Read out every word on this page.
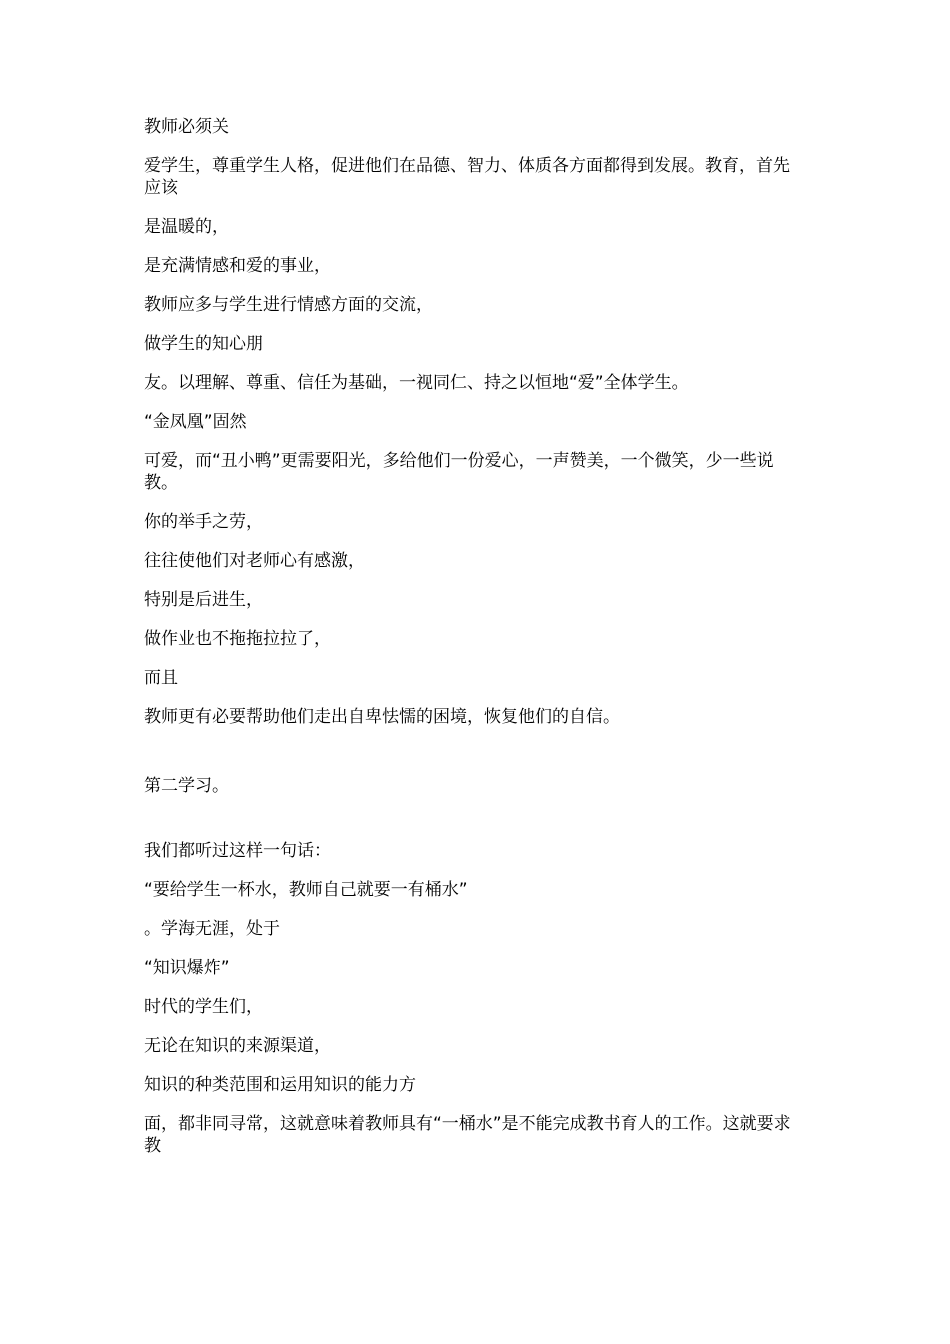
教师必须关

爱学生，尊重学生人格，促进他们在品德、智力、体质各方面都得到发展。教育，首先应该

是温暖的，

是充满情感和爱的事业，

教师应多与学生进行情感方面的交流，

做学生的知心朋

友。以理解、尊重、信任为基础，一视同仁、持之以恒地“爱”全体学生。

“金凤凰”固然

可爱，而“丑小鸭”更需要阳光，多给他们一份爱心，一声赞美，一个微笑，少一些说教。

你的举手之劳，

往往使他们对老师心有感激，

特别是后进生，

做作业也不拖拖拉拉了，

而且

教师更有必要帮助他们走出自卑怯懦的困境，恢复他们的自信。

第二学习。

我们都听过这样一句话：

“要给学生一杯水，教师自己就要一有桶水”

。学海无涯，处于

“知识爆炸”

时代的学生们，

无论在知识的来源渠道，

知识的种类范围和运用知识的能力方

面，都非同寻常，这就意味着教师具有“一桶水”是不能完成教书育人的工作。这就要求教
